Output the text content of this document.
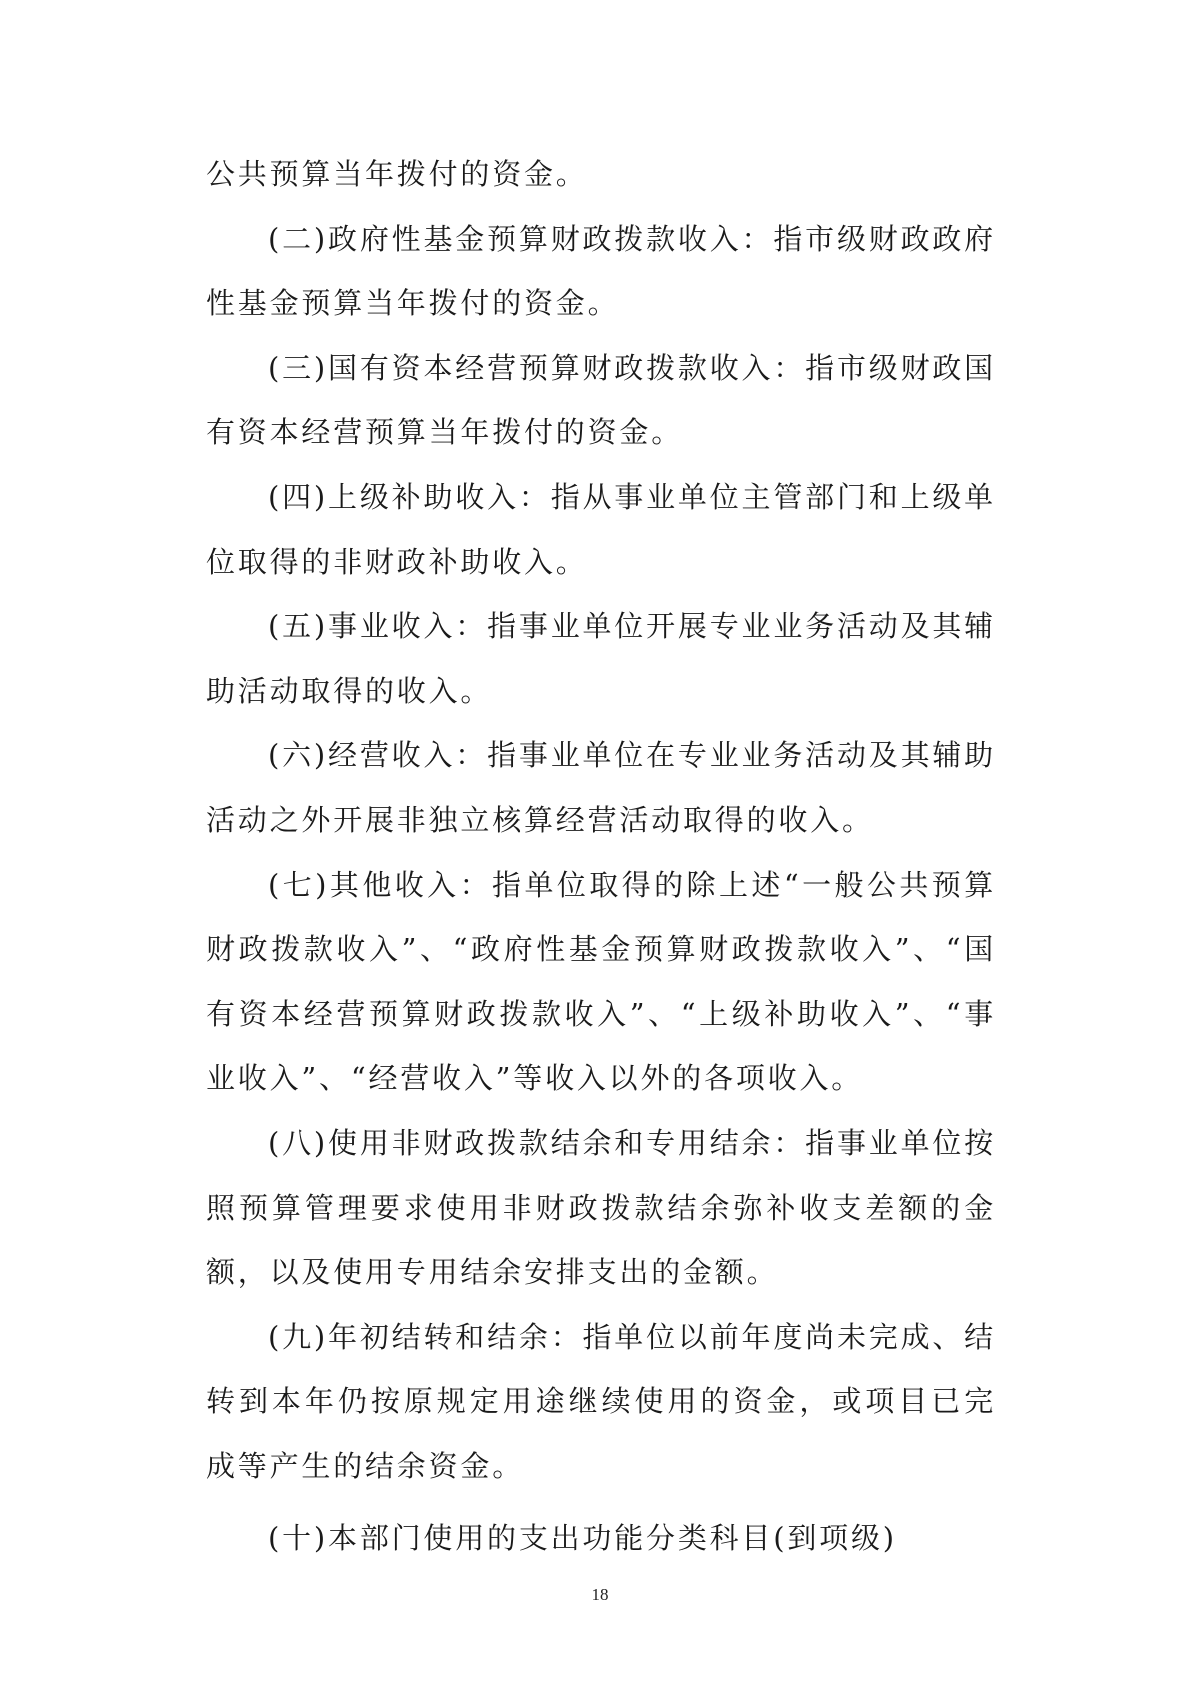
公共预算当年拨付的资金。

(二)政府性基金预算财政拨款收入：指市级财政政府性基金预算当年拨付的资金。

(三)国有资本经营预算财政拨款收入：指市级财政国有资本经营预算当年拨付的资金。

(四)上级补助收入：指从事业单位主管部门和上级单位取得的非财政补助收入。

(五)事业收入：指事业单位开展专业业务活动及其辅助活动取得的收入。

(六)经营收入：指事业单位在专业业务活动及其辅助活动之外开展非独立核算经营活动取得的收入。

(七)其他收入：指单位取得的除上述“一般公共预算财政拨款收入”、“政府性基金预算财政拨款收入”、“国有资本经营预算财政拨款收入”、“上级补助收入”、“事业收入”、“经营收入”等收入以外的各项收入。

(八)使用非财政拨款结余和专用结余：指事业单位按照预算管理要求使用非财政拨款结余弥补收支差额的金额，以及使用专用结余安排支出的金额。

(九)年初结转和结余：指单位以前年度尚未完成、结转到本年仍按原规定用途继续使用的资金，或项目已完成等产生的结余资金。

(十)本部门使用的支出功能分类科目(到项级)

18
